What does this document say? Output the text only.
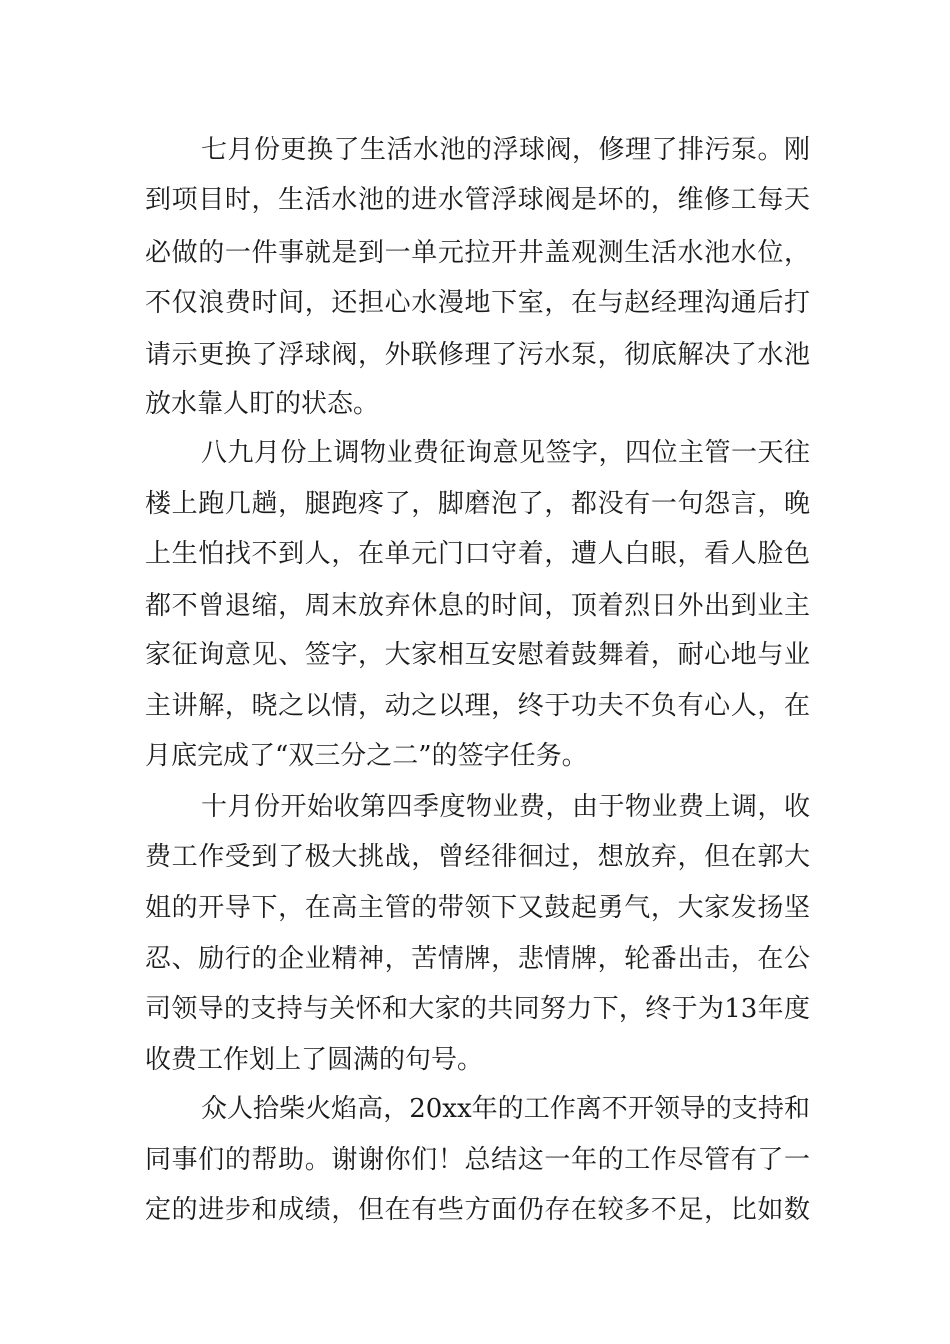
七月份更换了生活水池的浮球阀，修理了排污泵。刚
到项目时，生活水池的进水管浮球阀是坏的，维修工每天
必做的一件事就是到一单元拉开井盖观测生活水池水位，
不仅浪费时间，还担心水漫地下室，在与赵经理沟通后打
请示更换了浮球阀，外联修理了污水泵，彻底解决了水池
放水靠人盯的状态。
八九月份上调物业费征询意见签字，四位主管一天往
楼上跑几趟，腿跑疼了，脚磨泡了，都没有一句怨言，晚
上生怕找不到人，在单元门口守着，遭人白眼，看人脸色
都不曾退缩，周末放弃休息的时间，顶着烈日外出到业主
家征询意见、签字，大家相互安慰着鼓舞着，耐心地与业
主讲解，晓之以情，动之以理，终于功夫不负有心人，在
月底完成了“双三分之二”的签字任务。
十月份开始收第四季度物业费，由于物业费上调，收
费工作受到了极大挑战，曾经徘徊过，想放弃，但在郭大
姐的开导下，在高主管的带领下又鼓起勇气，大家发扬坚
忍、励行的企业精神，苦情牌，悲情牌，轮番出击，在公
司领导的支持与关怀和大家的共同努力下，终于为13年度
收费工作划上了圆满的句号。
众人拾柴火焰高，20xx年的工作离不开领导的支持和
同事们的帮助。谢谢你们！总结这一年的工作尽管有了一
定的进步和成绩，但在有些方面仍存在较多不足，比如数
